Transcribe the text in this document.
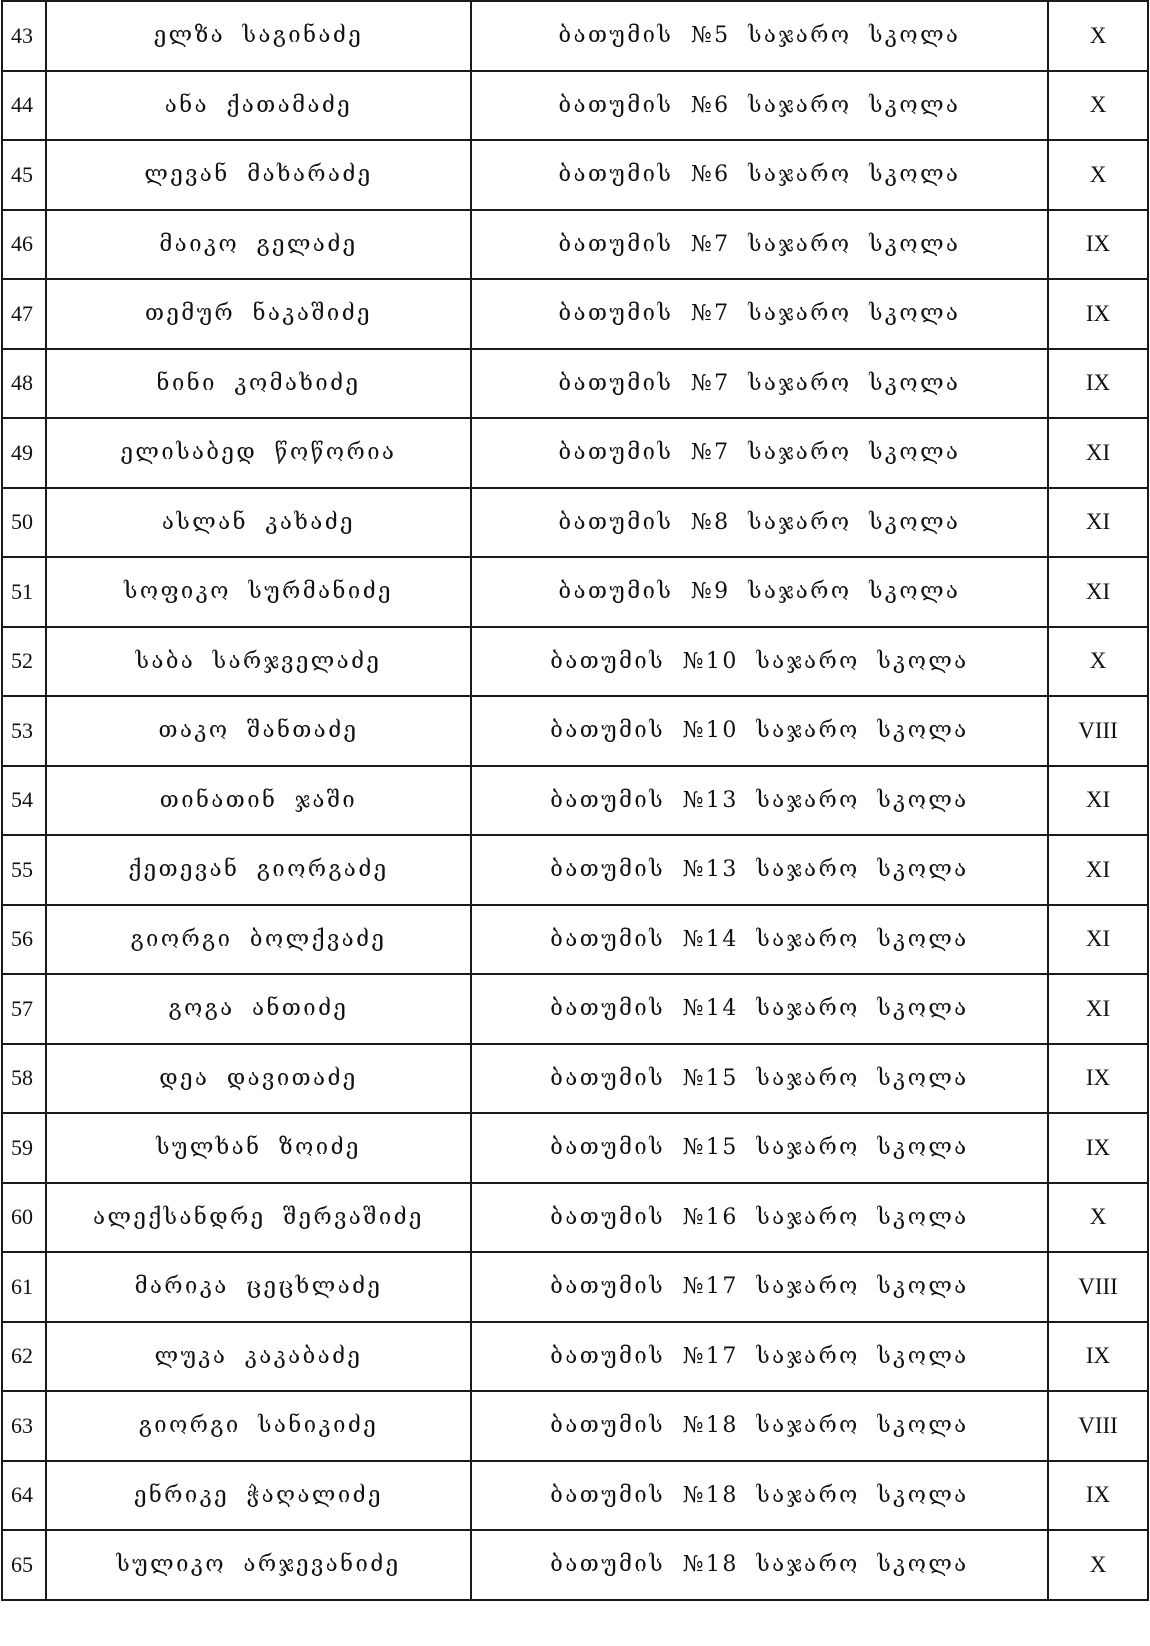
43	ელზა საგინაძე	ბათუმის №5 საჯარო სკოლა	X
44	ანა ქათამაძე	ბათუმის №6 საჯარო სკოლა	X
45	ლევან მახარაძე	ბათუმის №6 საჯარო სკოლა	X
46	მაიკო გელაძე	ბათუმის №7 საჯარო სკოლა	IX
47	თემურ ნაკაშიძე	ბათუმის №7 საჯარო სკოლა	IX
48	ნინი კომახიძე	ბათუმის №7 საჯარო სკოლა	IX
49	ელისაბედ წოწორია	ბათუმის №7 საჯარო სკოლა	XI
50	ასლან კახაძე	ბათუმის №8 საჯარო სკოლა	XI
51	სოფიკო სურმანიძე	ბათუმის №9 საჯარო სკოლა	XI
52	საბა სარჯველაძე	ბათუმის №10 საჯარო სკოლა	X
53	თაკო შანთაძე	ბათუმის №10 საჯარო სკოლა	VIII
54	თინათინ ჯაში	ბათუმის №13 საჯარო სკოლა	XI
55	ქეთევან გიორგაძე	ბათუმის №13 საჯარო სკოლა	XI
56	გიორგი ბოლქვაძე	ბათუმის №14 საჯარო სკოლა	XI
57	გოგა ანთიძე	ბათუმის №14 საჯარო სკოლა	XI
58	დეა დავითაძე	ბათუმის №15 საჯარო სკოლა	IX
59	სულხან ზოიძე	ბათუმის №15 საჯარო სკოლა	IX
60	ალექსანდრე შერვაშიძე	ბათუმის №16 საჯარო სკოლა	X
61	მარიკა ცეცხლაძე	ბათუმის №17 საჯარო სკოლა	VIII
62	ლუკა კაკაბაძე	ბათუმის №17 საჯარო სკოლა	IX
63	გიორგი სანიკიძე	ბათუმის №18 საჯარო სკოლა	VIII
64	ენრიკე ჭაღალიძე	ბათუმის №18 საჯარო სკოლა	IX
65	სულიკო არჯევანიძე	ბათუმის №18 საჯარო სკოლა	X
